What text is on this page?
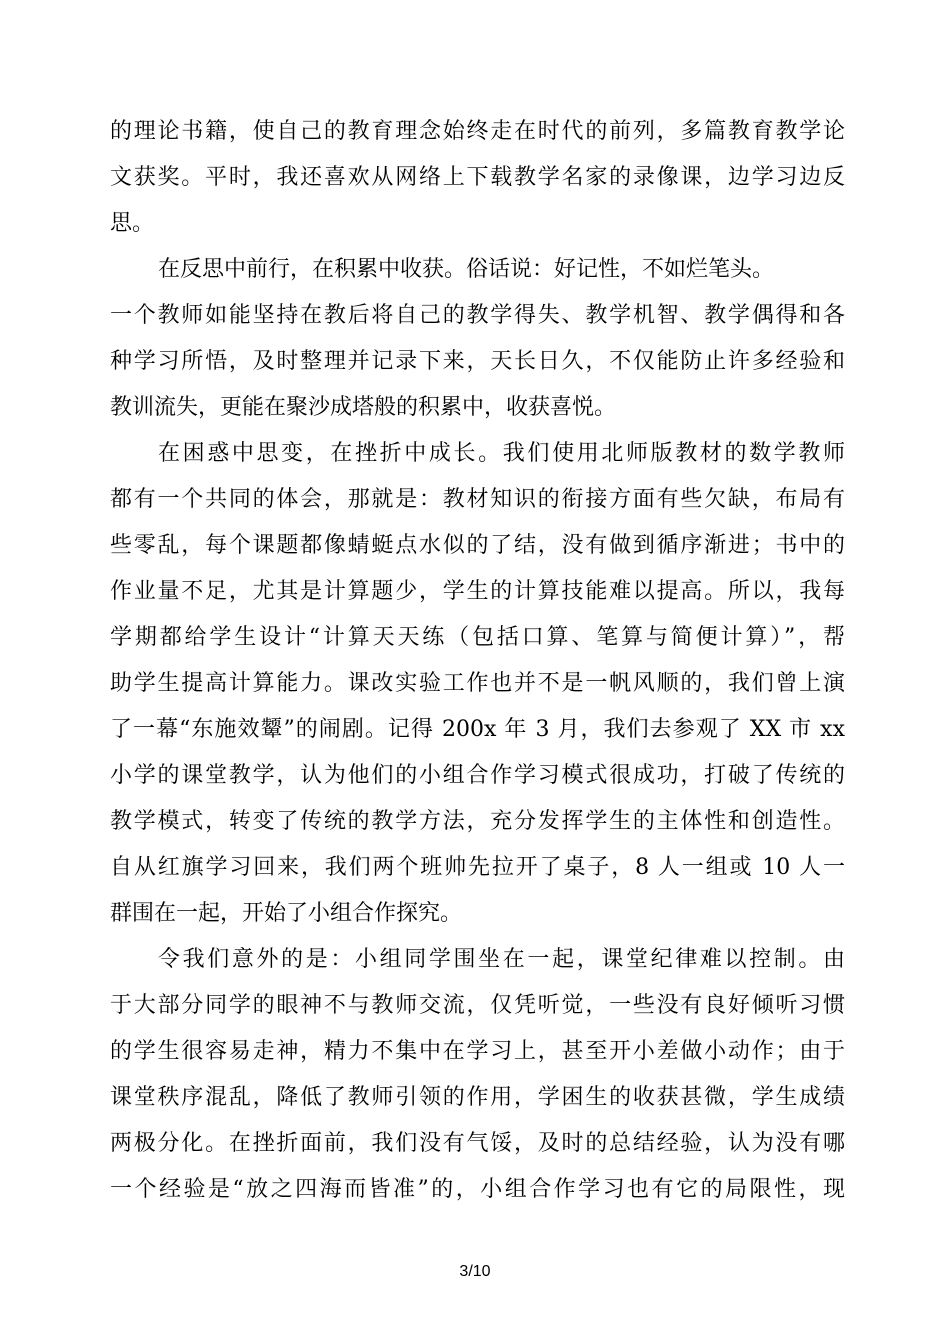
的理论书籍，使自己的教育理念始终走在时代的前列，多篇教育教学论
文获奖。平时，我还喜欢从网络上下载教学名家的录像课，边学习边反
思。
在反思中前行，在积累中收获。俗话说：好记性，不如烂笔头。
一个教师如能坚持在教后将自己的教学得失、教学机智、教学偶得和各
种学习所悟，及时整理并记录下来，天长日久，不仅能防止许多经验和
教训流失，更能在聚沙成塔般的积累中，收获喜悦。
在困惑中思变，在挫折中成长。我们使用北师版教材的数学教师
都有一个共同的体会，那就是：教材知识的衔接方面有些欠缺，布局有
些零乱，每个课题都像蜻蜓点水似的了结，没有做到循序渐进；书中的
作业量不足，尤其是计算题少，学生的计算技能难以提高。所以，我每
学期都给学生设计“计算天天练（包括口算、笔算与简便计算）”，帮
助学生提高计算能力。课改实验工作也并不是一帆风顺的，我们曾上演
了一幕“东施效颦”的闹剧。记得 200x 年 3 月，我们去参观了 XX 市 xx
小学的课堂教学，认为他们的小组合作学习模式很成功，打破了传统的
教学模式，转变了传统的教学方法，充分发挥学生的主体性和创造性。
自从红旗学习回来，我们两个班帅先拉开了桌子，8 人一组或 10 人一
群围在一起，开始了小组合作探究。
令我们意外的是：小组同学围坐在一起，课堂纪律难以控制。由
于大部分同学的眼神不与教师交流，仅凭听觉，一些没有良好倾听习惯
的学生很容易走神，精力不集中在学习上，甚至开小差做小动作；由于
课堂秩序混乱，降低了教师引领的作用，学困生的收获甚微，学生成绩
两极分化。在挫折面前，我们没有气馁，及时的总结经验，认为没有哪
一个经验是“放之四海而皆准”的，小组合作学习也有它的局限性，现
3/10
